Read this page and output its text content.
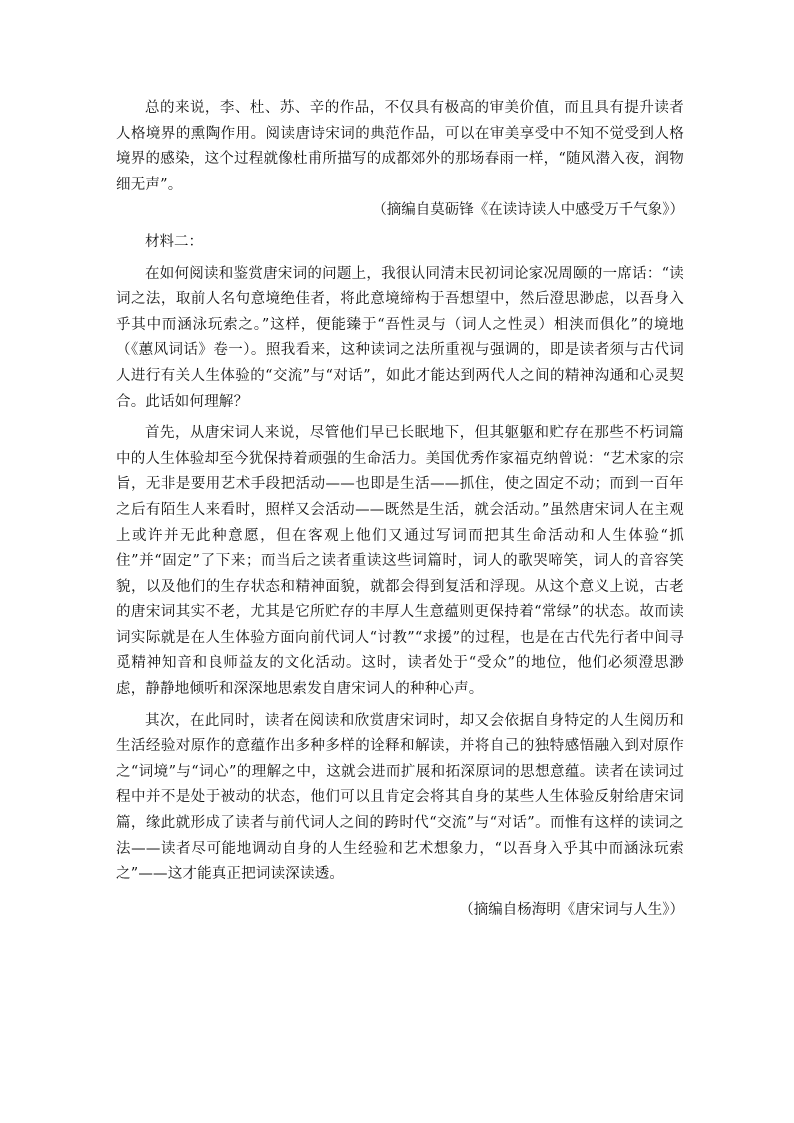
总的来说，李、杜、苏、辛的作品，不仅具有极高的审美价值，而且具有提升读者人格境界的熏陶作用。阅读唐诗宋词的典范作品，可以在审美享受中不知不觉受到人格境界的感染，这个过程就像杜甫所描写的成都郊外的那场春雨一样，“随风潜入夜，润物细无声”。

（摘编自莫砺锋《在读诗读人中感受万千气象》）

材料二：

在如何阅读和鉴赏唐宋词的问题上，我很认同清末民初词论家况周颐的一席话：“读词之法，取前人名句意境绝佳者，将此意境缔构于吾想望中，然后澄思渺虑，以吾身入乎其中而涵泳玩索之。”这样，便能臻于“吾性灵与（词人之性灵）相浃而俱化”的境地（《蕙风词话》卷一）。照我看来，这种读词之法所重视与强调的，即是读者须与古代词人进行有关人生体验的“交流”与“对话”，如此才能达到两代人之间的精神沟通和心灵契合。此话如何理解？

首先，从唐宋词人来说，尽管他们早已长眠地下，但其躯躯和贮存在那些不朽词篇中的人生体验却至今犹保持着顽强的生命活力。美国优秀作家福克纳曾说：“艺术家的宗旨，无非是要用艺术手段把活动——也即是生活——抓住，使之固定不动；而到一百年之后有陌生人来看时，照样又会活动——既然是生活，就会活动。”虽然唐宋词人在主观上或许并无此种意愿，但在客观上他们又通过写词而把其生命活动和人生体验“抓住”并“固定”了下来；而当后之读者重读这些词篇时，词人的歌哭啼笑，词人的音容笑貌，以及他们的生存状态和精神面貌，就都会得到复活和浮现。从这个意义上说，古老的唐宋词其实不老，尤其是它所贮存的丰厚人生意蕴则更保持着“常绿”的状态。故而读词实际就是在人生体验方面向前代词人“讨教”“求援”的过程，也是在古代先行者中间寻觅精神知音和良师益友的文化活动。这时，读者处于“受众”的地位，他们必须澄思渺虑，静静地倾听和深深地思索发自唐宋词人的种种心声。

其次，在此同时，读者在阅读和欣赏唐宋词时，却又会依据自身特定的人生阅历和生活经验对原作的意蕴作出多种多样的诠释和解读，并将自己的独特感悟融入到对原作之“词境”与“词心”的理解之中，这就会进而扩展和拓深原词的思想意蕴。读者在读词过程中并不是处于被动的状态，他们可以且肯定会将其自身的某些人生体验反射给唐宋词篇，缘此就形成了读者与前代词人之间的跨时代“交流”与“对话”。而惟有这样的读词之法——读者尽可能地调动自身的人生经验和艺术想象力，“以吾身入乎其中而涵泳玩索之”——这才能真正把词读深读透。

（摘编自杨海明《唐宋词与人生》）
